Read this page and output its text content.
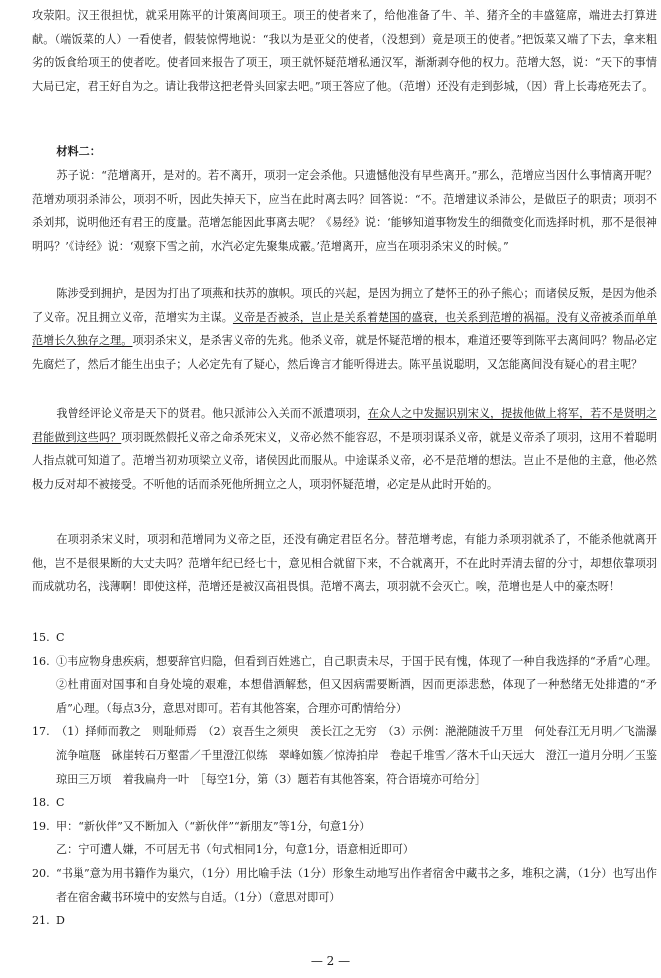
攻荥阳。汉王很担忧，就采用陈平的计策离间项王。项王的使者来了，给他准备了牛、羊、猪齐全的丰盛筵席，端进去打算进献。（端饭菜的人）一看使者，假装惊愕地说：“我以为是亚父的使者，（没想到）竟是项王的使者。”把饭菜又端了下去，拿来粗劣的饭食给项王的使者吃。使者回来报告了项王，项王就怀疑范增私通汉军，渐渐剥夺他的权力。范增大怒，说：“天下的事情大局已定，君王好自为之。请让我带这把老骨头回家去吧。”项王答应了他。（范增）还没有走到彭城，（因）背上长毒疮死去了。
材料二：
苏子说：“范增离开，是对的。若不离开，项羽一定会杀他。只遗憾他没有早些离开。”那么，范增应当因什么事情离开呢？范增劝项羽杀沛公，项羽不听，因此失掉天下，应当在此时离去吗？回答说：“不。范增建议杀沛公，是做臣子的职责；项羽不杀刘邦，说明他还有君王的度量。范增怎能因此事离去呢？《易经》说：‘能够知道事物发生的细微变化而选择时机，那不是很神明吗？’《诗经》说：‘观察下雪之前，水汽必定先聚集成霰。’范增离开，应当在项羽杀宋义的时候。”
陈涉受到拥护，是因为打出了项燕和扶苏的旗帜。项氏的兴起，是因为拥立了楚怀王的孙子熊心；而诸侯反叛，是因为他杀了义帝。况且拥立义帝，范增实为主谋。义帝是否被杀，岂止是关系着楚国的盛衰，也关系到范增的祸福。没有义帝被杀而单单范增长久独存之理。项羽杀宋义，是杀害义帝的先兆。他杀义帝，就是怀疑范增的根本，难道还要等到陈平去离间吗？物品必定先腐烂了，然后才能生出虫子；人必定先有了疑心，然后谗言才能听得进去。陈平虽说聪明，又怎能离间没有疑心的君主呢？
我曾经评论义帝是天下的贤君。他只派沛公入关而不派遣项羽，在众人之中发掘识别宋义，提拔他做上将军，若不是贤明之君能做到这些吗？项羽既然假托义帝之命杀死宋义，义帝必然不能容忍，不是项羽谋杀义帝，就是义帝杀了项羽，这用不着聪明人指点就可知道了。范增当初劝项梁立义帝，诸侯因此而服从。中途谋杀义帝，必不是范增的想法。岂止不是他的主意，他必然极力反对却不被接受。不听他的话而杀死他所拥立之人，项羽怀疑范增，必定是从此时开始的。
在项羽杀宋义时，项羽和范增同为义帝之臣，还没有确定君臣名分。替范增考虑，有能力杀项羽就杀了，不能杀他就离开他，岂不是很果断的大丈夫吗？范增年纪已经七十，意见相合就留下来，不合就离开，不在此时弄清去留的分寸，却想依靠项羽而成就功名，浅薄啊！即使这样，范增还是被汉高祖畏惧。范增不离去，项羽就不会灭亡。唉，范增也是人中的豪杰呀！
15. C
16. ①韦应物身患疾病，想要辞官归隐，但看到百姓逃亡，自己职责未尽，于国于民有愧，体现了一种自我选择的“矛盾”心理。②杜甫面对国事和自身处境的艰难，本想借酒解愁，但又因病需要断酒，因而更添悲愁，体现了一种愁绪无处排遣的“矛盾”心理。（每点3分，意思对即可。若有其他答案，合理亦可酌情给分）
17. （1）择师而教之　则耻师焉　（2）哀吾生之须臾　羡长江之无穷　（3）示例：滟滟随波千万里　何处春江无月明／飞湍瀑流争喧豗　砯崖转石万壑雷／千里澄江似练　翠峰如簇／惊涛拍岸　卷起千堆雪／落木千山天远大　澄江一道月分明／玉鉴琼田三万顷　着我扁舟一叶　［每空1分，第（3）题若有其他答案，符合语境亦可给分］
18. C
19. 甲：“新伙伴”又不断加入（“新伙伴”“新朋友”等1分，句意1分）
乙：宁可遭人嫌，不可居无书（句式相同1分，句意1分，语意相近即可）
20. “书巢”意为用书籍作为巢穴，（1分）用比喻手法（1分）形象生动地写出作者宿舍中藏书之多，堆积之满，（1分）也写出作者在宿舍藏书环境中的安然与自适。（1分）（意思对即可）
21. D
— 2 —
